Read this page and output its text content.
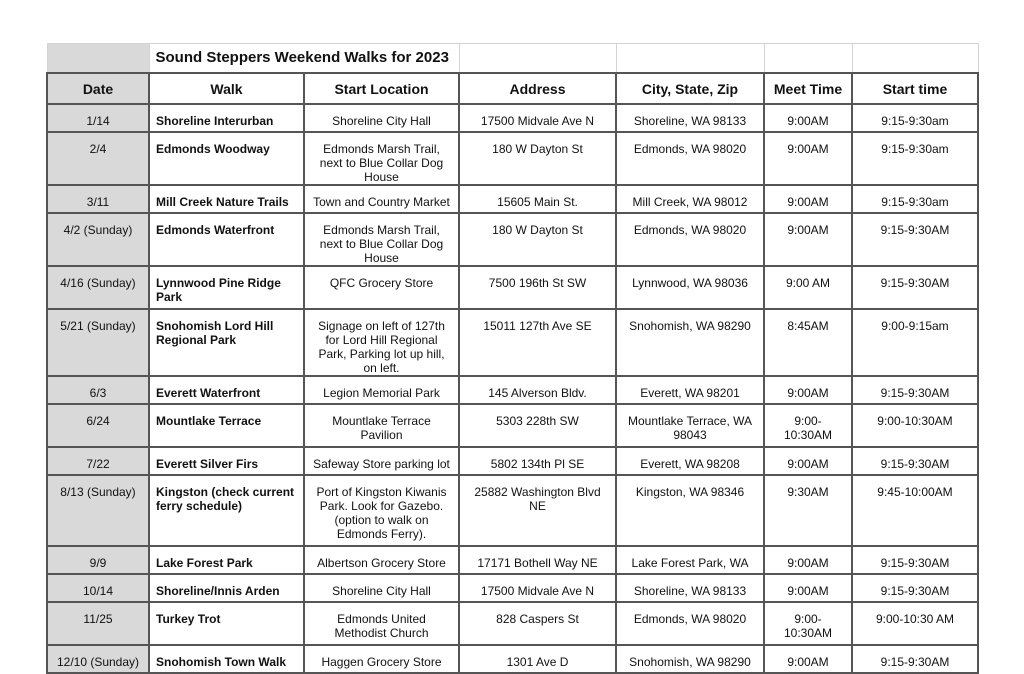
	Sound Steppers Weekend Walks for 2023					
Date	Walk	Start Location	Address	City, State, Zip	Meet Time	Start time
1/14	Shoreline Interurban	Shoreline City Hall	17500 Midvale Ave N	Shoreline, WA 98133	9:00AM	9:15-9:30am
2/4	Edmonds Woodway	Edmonds Marsh Trail, next to Blue Collar Dog House	180 W Dayton St	Edmonds, WA 98020	9:00AM	9:15-9:30am
3/11	Mill Creek Nature Trails	Town and Country Market	15605 Main St.	Mill Creek, WA 98012	9:00AM	9:15-9:30am
4/2 (Sunday)	Edmonds Waterfront	Edmonds Marsh Trail, next to Blue Collar Dog House	180 W Dayton St	Edmonds, WA 98020	9:00AM	9:15-9:30AM
4/16 (Sunday)	Lynnwood Pine Ridge Park	QFC Grocery Store	7500 196th St SW	Lynnwood, WA 98036	9:00 AM	9:15-9:30AM
5/21 (Sunday)	Snohomish Lord Hill Regional Park	Signage on left of 127th for Lord Hill Regional Park, Parking lot up hill, on left.	15011 127th Ave SE	Snohomish, WA 98290	8:45AM	9:00-9:15am
6/3	Everett Waterfront	Legion Memorial Park	145 Alverson Bldv.	Everett, WA 98201	9:00AM	9:15-9:30AM
6/24	Mountlake Terrace	Mountlake Terrace Pavilion	5303 228th SW	Mountlake Terrace, WA 98043	9:00-10:30AM	9:00-10:30AM
7/22	Everett Silver Firs	Safeway Store parking lot	5802 134th Pl SE	Everett, WA 98208	9:00AM	9:15-9:30AM
8/13 (Sunday)	Kingston (check current ferry schedule)	Port of Kingston Kiwanis Park. Look for Gazebo. (option to walk on Edmonds Ferry).	25882 Washington Blvd NE	Kingston, WA 98346	9:30AM	9:45-10:00AM
9/9	Lake Forest Park	Albertson Grocery Store	17171 Bothell Way NE	Lake Forest Park, WA	9:00AM	9:15-9:30AM
10/14	Shoreline/Innis Arden	Shoreline City Hall	17500 Midvale Ave N	Shoreline, WA 98133	9:00AM	9:15-9:30AM
11/25	Turkey Trot	Edmonds United Methodist Church	828 Caspers St	Edmonds, WA 98020	9:00-10:30AM	9:00-10:30 AM
12/10 (Sunday)	Snohomish Town Walk	Haggen Grocery Store	1301 Ave D	Snohomish, WA 98290	9:00AM	9:15-9:30AM
